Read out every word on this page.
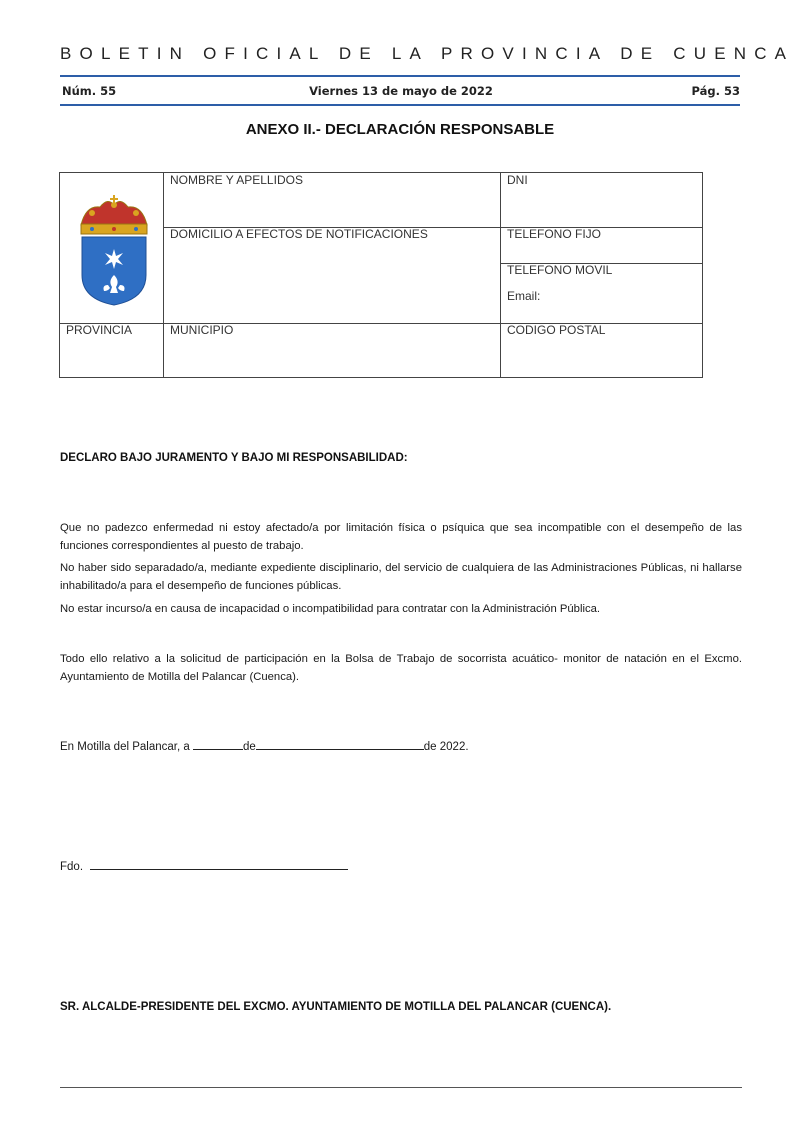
BOLETIN OFICIAL DE LA PROVINCIA DE CUENCA
Núm. 55	Viernes 13 de mayo de 2022	Pág. 53
ANEXO II.- DECLARACIÓN RESPONSABLE
NOMBRE Y APELLIDOS	DNI
DOMICILIO A EFECTOS DE NOTIFICACIONES	TELEFONO FIJO
TELEFONO MOVIL
Email:
PROVINCIA	MUNICIPIO	CODIGO POSTAL
DECLARO BAJO JURAMENTO Y BAJO MI RESPONSABILIDAD:
Que no padezco enfermedad ni estoy afectado/a por limitación física o psíquica que sea incompatible con el desempeño de las funciones correspondientes al puesto de trabajo.
No haber sido separadado/a, mediante expediente disciplinario, del servicio de cualquiera de las Administraciones Públicas, ni hallarse inhabilitado/a para el desempeño de funciones públicas.
No estar incurso/a en causa de incapacidad o incompatibilidad para contratar con la Administración Pública.
Todo ello relativo a la solicitud de participación en la Bolsa de Trabajo de socorrista acuático- monitor de natación en el Excmo. Ayuntamiento de Motilla del Palancar (Cuenca).
En Motilla del Palancar, a	de	de 2022.
Fdo.
SR. ALCALDE-PRESIDENTE DEL EXCMO. AYUNTAMIENTO DE MOTILLA DEL PALANCAR (CUENCA).
